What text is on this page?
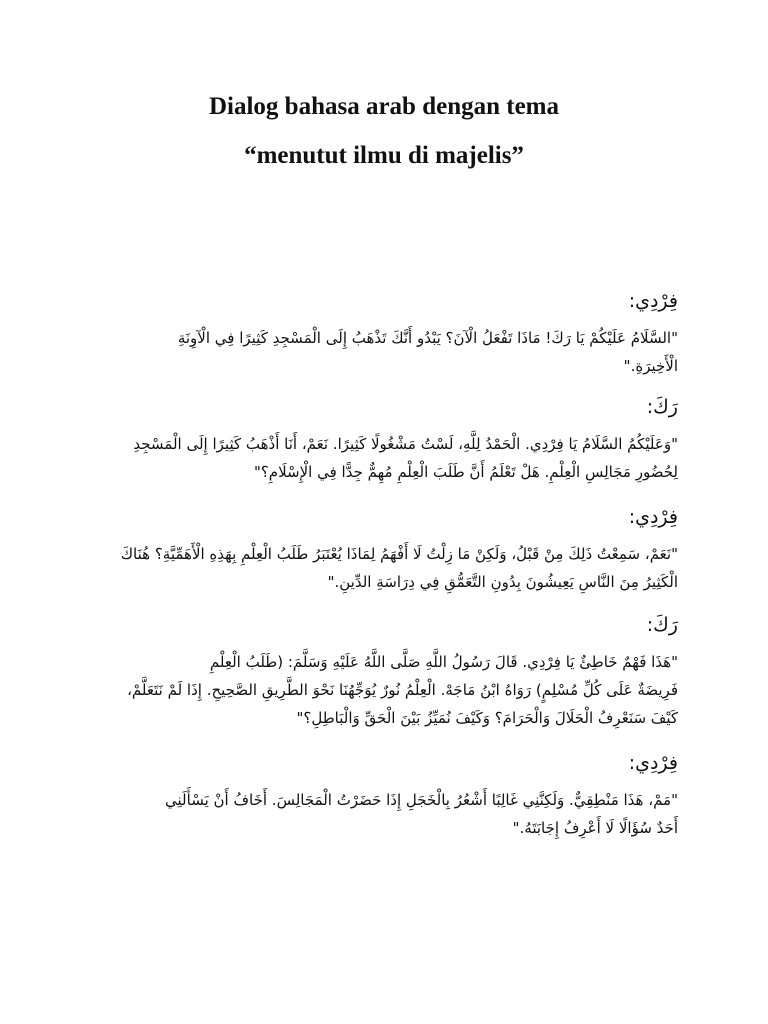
Dialog bahasa arab dengan tema
“menutut ilmu di majelis”

فِرْدِي:

"السَّلَامُ عَلَيْكُمْ يَا رَكَ! مَاذَا تَفْعَلُ الْآنَ؟ يَبْدُو أَنَّكَ تَذْهَبُ إِلَى الْمَسْجِدِ كَثِيرًا فِي الْآوِنَةِ

الْأَخِيرَةِ."

رَكَ:

"وَعَلَيْكُمُ السَّلَامُ يَا فِرْدِي. الْحَمْدُ لِلَّهِ، لَسْتُ مَشْغُولًا كَثِيرًا. نَعَمْ، أَنَا أَذْهَبُ كَثِيرًا إِلَى الْمَسْجِدِ

لِحُضُورِ مَجَالِسِ الْعِلْمِ. هَلْ تَعْلَمُ أَنَّ طَلَبَ الْعِلْمِ مُهِمٌّ جِدًّا فِي الْإِسْلَامِ؟"

فِرْدِي:

"نَعَمْ، سَمِعْتُ ذَلِكَ مِنْ قَبْلُ، وَلَكِنْ مَا زِلْتُ لَا أَفْهَمُ لِمَاذَا يُعْتَبَرُ طَلَبُ الْعِلْمِ بِهَذِهِ الْأَهَمِّيَّةِ؟ هُنَاكَ

الْكَثِيرُ مِنَ النَّاسِ يَعِيشُونَ بِدُونِ التَّعَمُّقِ فِي دِرَاسَةِ الدِّينِ."

رَكَ:

"هَذَا فَهْمٌ خَاطِئٌ يَا فِرْدِي. قَالَ رَسُولُ اللَّهِ صَلَّى اللَّهُ عَلَيْهِ وَسَلَّمَ: (طَلَبُ الْعِلْمِ

فَرِيضَةٌ عَلَى كُلِّ مُسْلِمٍ) رَوَاهُ ابْنُ مَاجَهْ. الْعِلْمُ نُورٌ يُوَجِّهُنَا نَحْوَ الطَّرِيقِ الصَّحِيحِ. إِذَا لَمْ نَتَعَلَّمْ،

كَيْفَ سَنَعْرِفُ الْحَلَالَ وَالْحَرَامَ؟ وَكَيْفَ نُمَيِّزُ بَيْنَ الْحَقِّ وَالْبَاطِلِ؟"

فِرْدِي:

"مَمْ، هَذَا مَنْطِقِيٌّ. وَلَكِنَّنِي غَالِبًا أَشْعُرُ بِالْخَجَلِ إِذَا حَضَرْتُ الْمَجَالِسَ. أَخَافُ أَنْ يَسْأَلَنِي

أَحَدٌ سُؤَالًا لَا أَعْرِفُ إِجَابَتَهُ."
